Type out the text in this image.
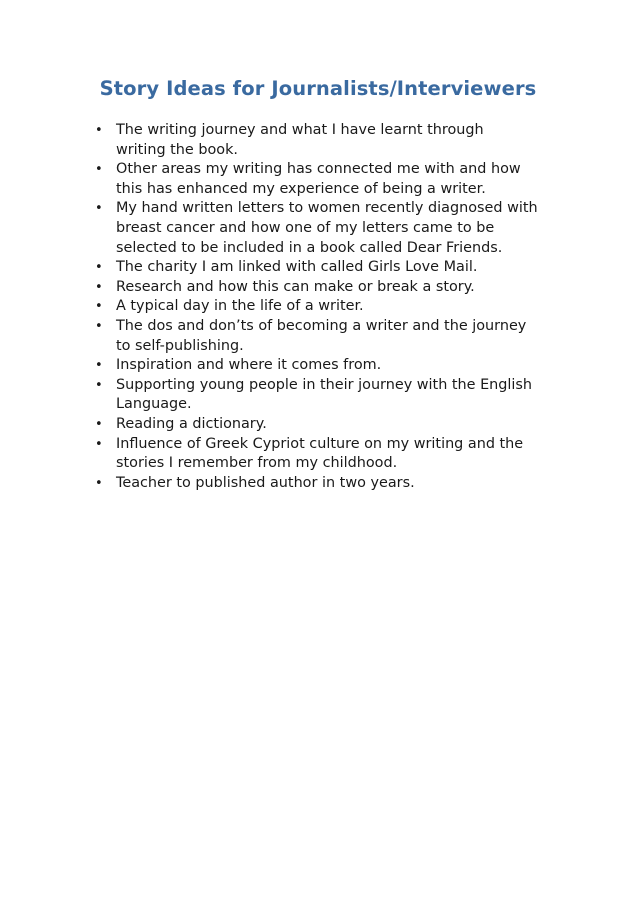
Story Ideas for Journalists/Interviewers
• The writing journey and what I have learnt through
writing the book.
• Other areas my writing has connected me with and how
this has enhanced my experience of being a writer.
• My hand written letters to women recently diagnosed with
breast cancer and how one of my letters came to be
selected to be included in a book called Dear Friends.
• The charity I am linked with called Girls Love Mail.
• Research and how this can make or break a story.
• A typical day in the life of a writer.
• The dos and don’ts of becoming a writer and the journey
to self-publishing.
• Inspiration and where it comes from.
• Supporting young people in their journey with the English
Language.
• Reading a dictionary.
• Influence of Greek Cypriot culture on my writing and the
stories I remember from my childhood.
• Teacher to published author in two years.
